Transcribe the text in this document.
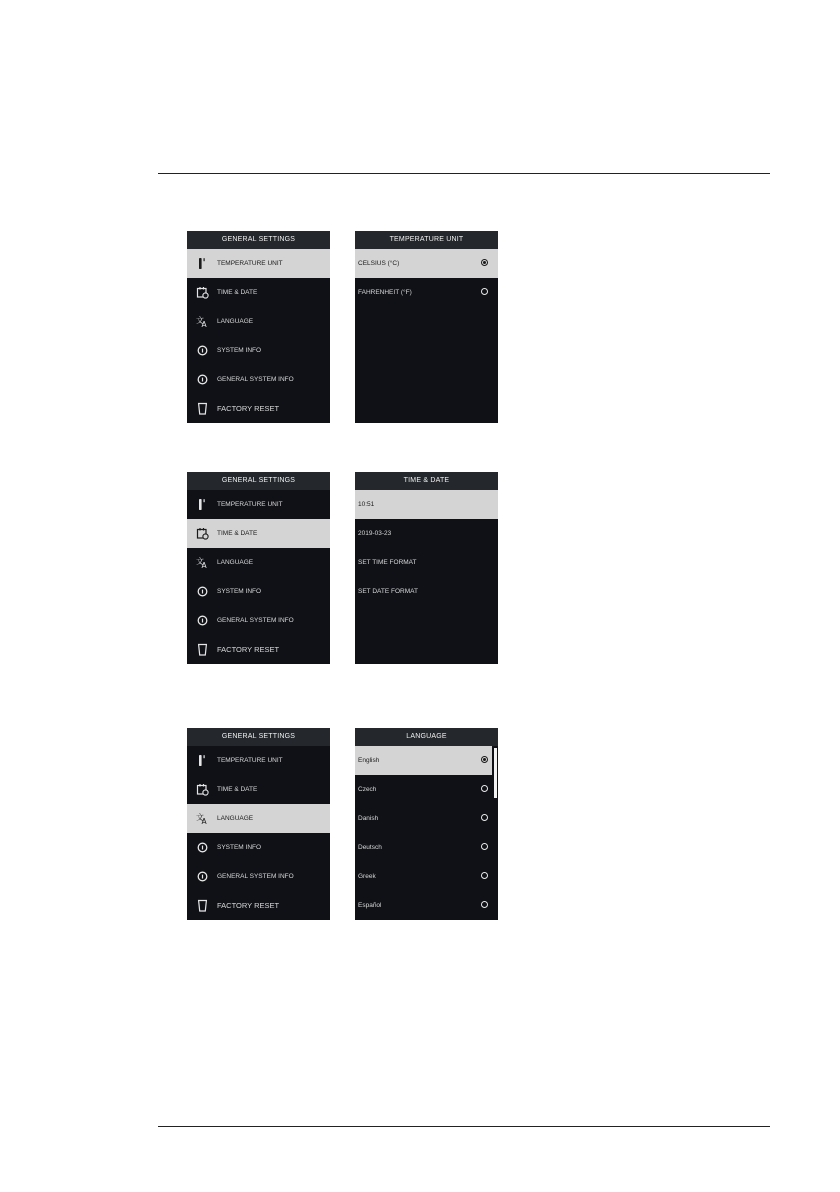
GENERAL SETTINGS
TEMPERATURE UNIT
TIME & DATE
文
A LANGUAGE
SYSTEM INFO
GENERAL SYSTEM INFO
FACTORY RESET
TEMPERATURE UNIT
CELSIUS (°C)
FAHRENHEIT (°F)
GENERAL SETTINGS
TEMPERATURE UNIT
TIME & DATE
文
A LANGUAGE
SYSTEM INFO
GENERAL SYSTEM INFO
FACTORY RESET
TIME & DATE
10:51
2019-03-23
SET TIME FORMAT
SET DATE FORMAT
GENERAL SETTINGS
TEMPERATURE UNIT
TIME & DATE
文
A LANGUAGE
SYSTEM INFO
GENERAL SYSTEM INFO
FACTORY RESET
LANGUAGE
English
Czech
Danish
Deutsch
Greek
Español
